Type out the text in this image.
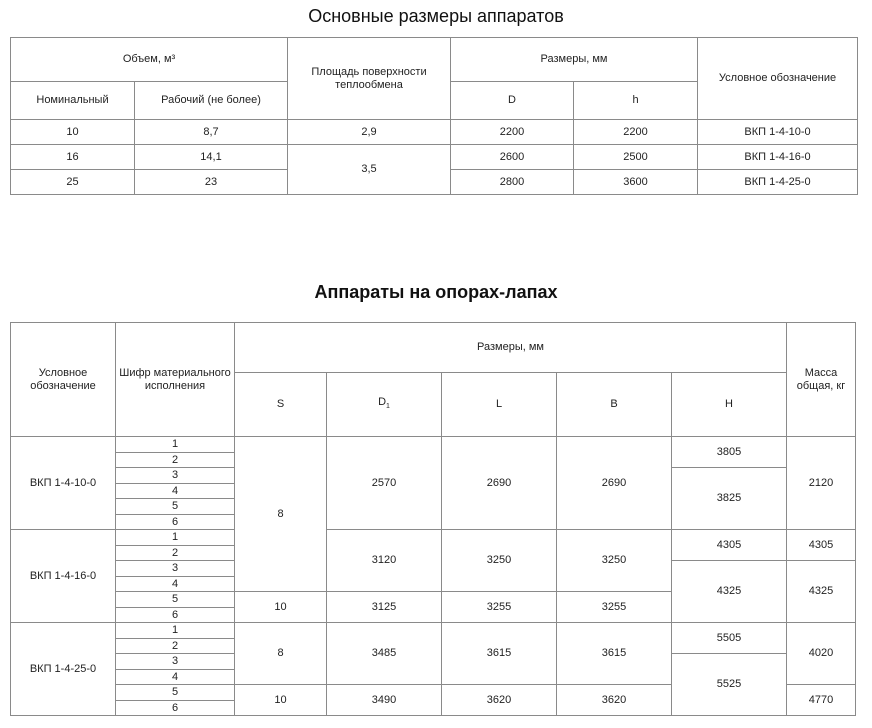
Основные размеры аппаратов
Объем, м³		Площадь поверхности теплообмена	Размеры, мм		Условное обозначение
Номинальный	Рабочий (не более)		D	h	
10	8,7	2,9	2200	2200	ВКП 1-4-10-0
16	14,1	3,5	2600	2500	ВКП 1-4-16-0
25	23		2800	3600	ВКП 1-4-25-0
Аппараты на опорах-лапах
Условное обозначение	Шифр материального исполнения	Размеры, мм					Масса общая, кг
		S	$D_1$	L	B	H	
ВКП 1-4-10-0	1	8	2570	2690	2690	3805	2120
	2						
	3					3825	
	4						
	5						
	6						
ВКП 1-4-16-0	1		3120	3250	3250	4305	4305
	2						
	3					4325	4325
	4						
	5	10	3125	3255	3255		
	6						
ВКП 1-4-25-0	1	8	3485	3615	3615	5505	4020
	2						
	3					5525	
	4						
	5	10	3490	3620	3620		4770
	6						
